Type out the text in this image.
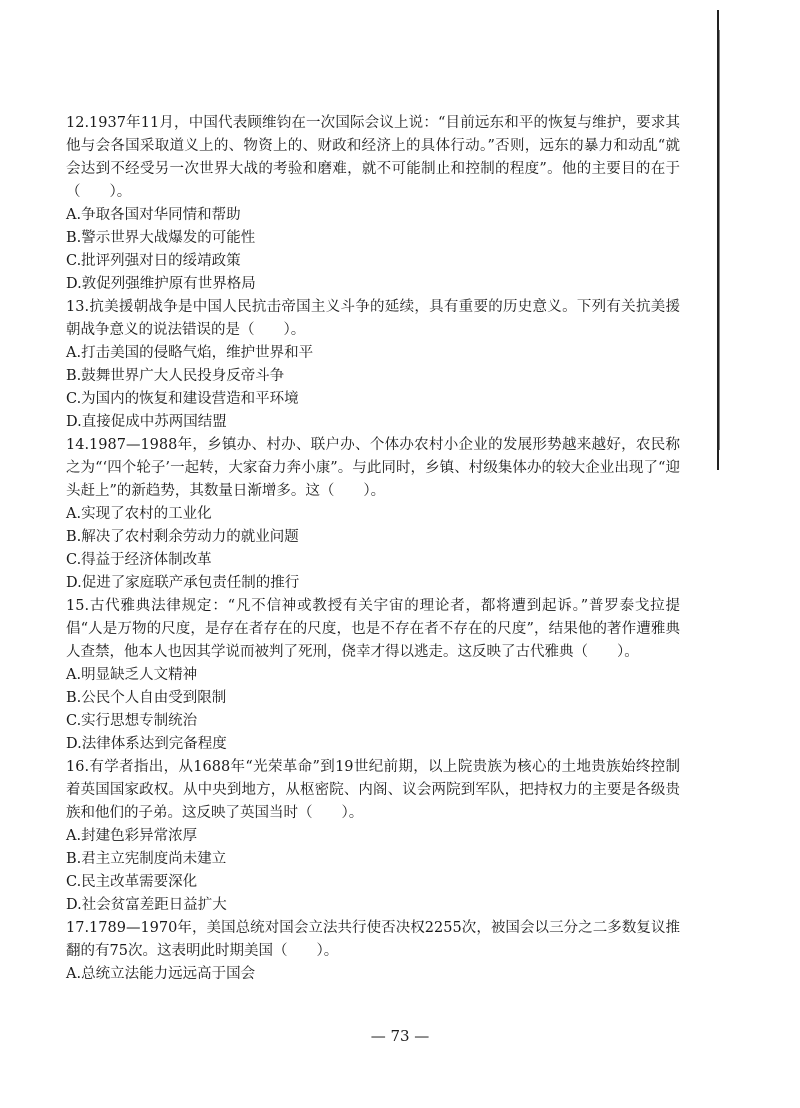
12.1937年11月，中国代表顾维钧在一次国际会议上说：“目前远东和平的恢复与维护，要求其他与会各国采取道义上的、物资上的、财政和经济上的具体行动。”否则，远东的暴力和动乱“就会达到不经受另一次世界大战的考验和磨难，就不可能制止和控制的程度”。他的主要目的在于（　　）。

A.争取各国对华同情和帮助

B.警示世界大战爆发的可能性

C.批评列强对日的绥靖政策

D.敦促列强维护原有世界格局

13.抗美援朝战争是中国人民抗击帝国主义斗争的延续，具有重要的历史意义。下列有关抗美援朝战争意义的说法错误的是（　　）。

A.打击美国的侵略气焰，维护世界和平

B.鼓舞世界广大人民投身反帝斗争

C.为国内的恢复和建设营造和平环境

D.直接促成中苏两国结盟

14.1987—1988年，乡镇办、村办、联户办、个体办农村小企业的发展形势越来越好，农民称之为“‘四个轮子’一起转，大家奋力奔小康”。与此同时，乡镇、村级集体办的较大企业出现了“迎头赶上”的新趋势，其数量日渐增多。这（　　）。

A.实现了农村的工业化

B.解决了农村剩余劳动力的就业问题

C.得益于经济体制改革

D.促进了家庭联产承包责任制的推行

15.古代雅典法律规定：“凡不信神或教授有关宇宙的理论者，都将遭到起诉。”普罗泰戈拉提倡“人是万物的尺度，是存在者存在的尺度，也是不存在者不存在的尺度”，结果他的著作遭雅典人查禁，他本人也因其学说而被判了死刑，侥幸才得以逃走。这反映了古代雅典（　　）。

A.明显缺乏人文精神

B.公民个人自由受到限制

C.实行思想专制统治

D.法律体系达到完备程度

16.有学者指出，从1688年“光荣革命”到19世纪前期，以上院贵族为核心的土地贵族始终控制着英国国家政权。从中央到地方，从枢密院、内阁、议会两院到军队，把持权力的主要是各级贵族和他们的子弟。这反映了英国当时（　　）。

A.封建色彩异常浓厚

B.君主立宪制度尚未建立

C.民主改革需要深化

D.社会贫富差距日益扩大

17.1789—1970年，美国总统对国会立法共行使否决权2255次，被国会以三分之二多数复议推翻的有75次。这表明此时期美国（　　）。

A.总统立法能力远远高于国会

— 73 —
